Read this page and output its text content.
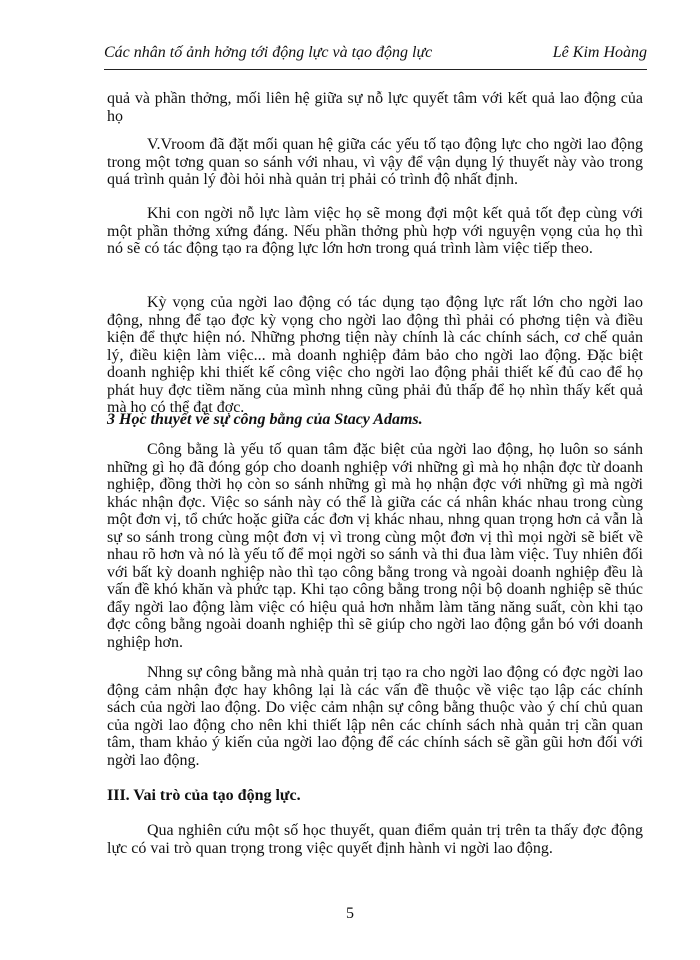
Các nhân tố ảnh hởng tới động lực và tạo động lực	Lê Kim Hoàng
quả và phần thởng, mối liên hệ giữa sự nỗ lực quyết tâm với kết quả lao động của họ
V.Vroom đã đặt mối quan hệ giữa các yếu tố tạo động lực cho ngời lao động trong một tơng quan so sánh với nhau, vì vậy để vận dụng lý thuyết này vào trong quá trình quản lý đòi hỏi nhà quản trị phải có trình độ nhất định.
Khi con ngời nỗ lực làm việc họ sẽ mong đợi một kết quả tốt đẹp cùng với một phần thởng xứng đáng. Nếu phần thởng phù hợp với nguyện vọng của họ thì nó sẽ có tác động tạo ra động lực lớn hơn trong quá trình làm việc tiếp theo.
Kỳ vọng của ngời lao động có tác dụng tạo động lực rất lớn cho ngời lao động, nhng để tạo đợc kỳ vọng cho ngời lao động thì phải có phơng tiện và điều kiện để thực hiện nó. Những phơng tiện này chính là các chính sách, cơ chế quản lý, điều kiện làm việc... mà doanh nghiệp đảm bảo cho ngời lao động. Đặc biệt doanh nghiệp khi thiết kế công việc cho ngời lao động phải thiết kế đủ cao để họ phát huy đợc tiềm năng của mình nhng cũng phải đủ thấp để họ nhìn thấy kết quả mà họ có thể đạt đợc.
3 Học thuyết về sự công bằng của Stacy Adams.
Công bằng là yếu tố quan tâm đặc biệt của ngời lao động, họ luôn so sánh những gì họ đã đóng góp cho doanh nghiệp với những gì mà họ nhận đợc từ doanh nghiệp, đồng thời họ còn so sánh những gì mà họ nhận đợc với những gì mà ngời khác nhận đợc. Việc so sánh này có thể là giữa các cá nhân khác nhau trong cùng một đơn vị, tổ chức hoặc giữa các đơn vị khác nhau, nhng quan trọng hơn cả vẫn là sự so sánh trong cùng một đơn vị vì trong cùng một đơn vị thì mọi ngời sẽ biết về nhau rõ hơn và nó là yếu tố để mọi ngời so sánh và thi đua làm việc. Tuy nhiên đối với bất kỳ doanh nghiệp nào thì tạo công bằng trong và ngoài doanh nghiệp đều là vấn đề khó khăn và phức tạp. Khi tạo công bằng trong nội bộ doanh nghiệp sẽ thúc đẩy ngời lao động làm việc có hiệu quả hơn nhằm làm tăng năng suất, còn khi tạo đợc công bằng ngoài doanh nghiệp thì sẽ giúp cho ngời lao động gắn bó với doanh nghiệp hơn.
Nhng sự công bằng mà nhà quản trị tạo ra cho ngời lao động có đợc ngời lao động cảm nhận đợc hay không lại là các vấn đề thuộc về việc tạo lập các chính sách của ngời lao động. Do việc cảm nhận sự công bằng thuộc vào ý chí chủ quan của ngời lao động cho nên khi thiết lập nên các chính sách nhà quản trị cần quan tâm, tham khảo ý kiến của ngời lao động để các chính sách sẽ gần gũi hơn đối với ngời lao động.
III. Vai trò của tạo động lực.
Qua nghiên cứu một số học thuyết, quan điểm quản trị trên ta thấy đợc động lực có vai trò quan trọng trong việc quyết định hành vi ngời lao động.
5
